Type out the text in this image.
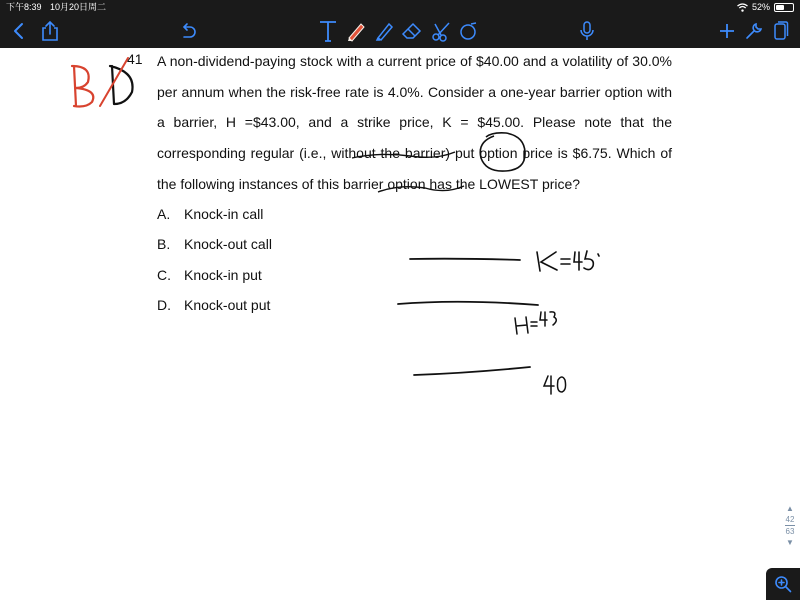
下午8:39 10月20日周二	52%
41 A non-dividend-paying stock with a current price of $40.00 and a volatility of 30.0% per annum when the risk-free rate is 4.0%. Consider a one-year barrier option with a barrier, H =$43.00, and a strike price, K = $45.00. Please note that the corresponding regular (i.e., without the barrier) put option price is $6.75. Which of the following instances of this barrier option has the LOWEST price?
A. Knock-in call
B. Knock-out call
C. Knock-in put
D. Knock-out put
▲
42
63
▼
